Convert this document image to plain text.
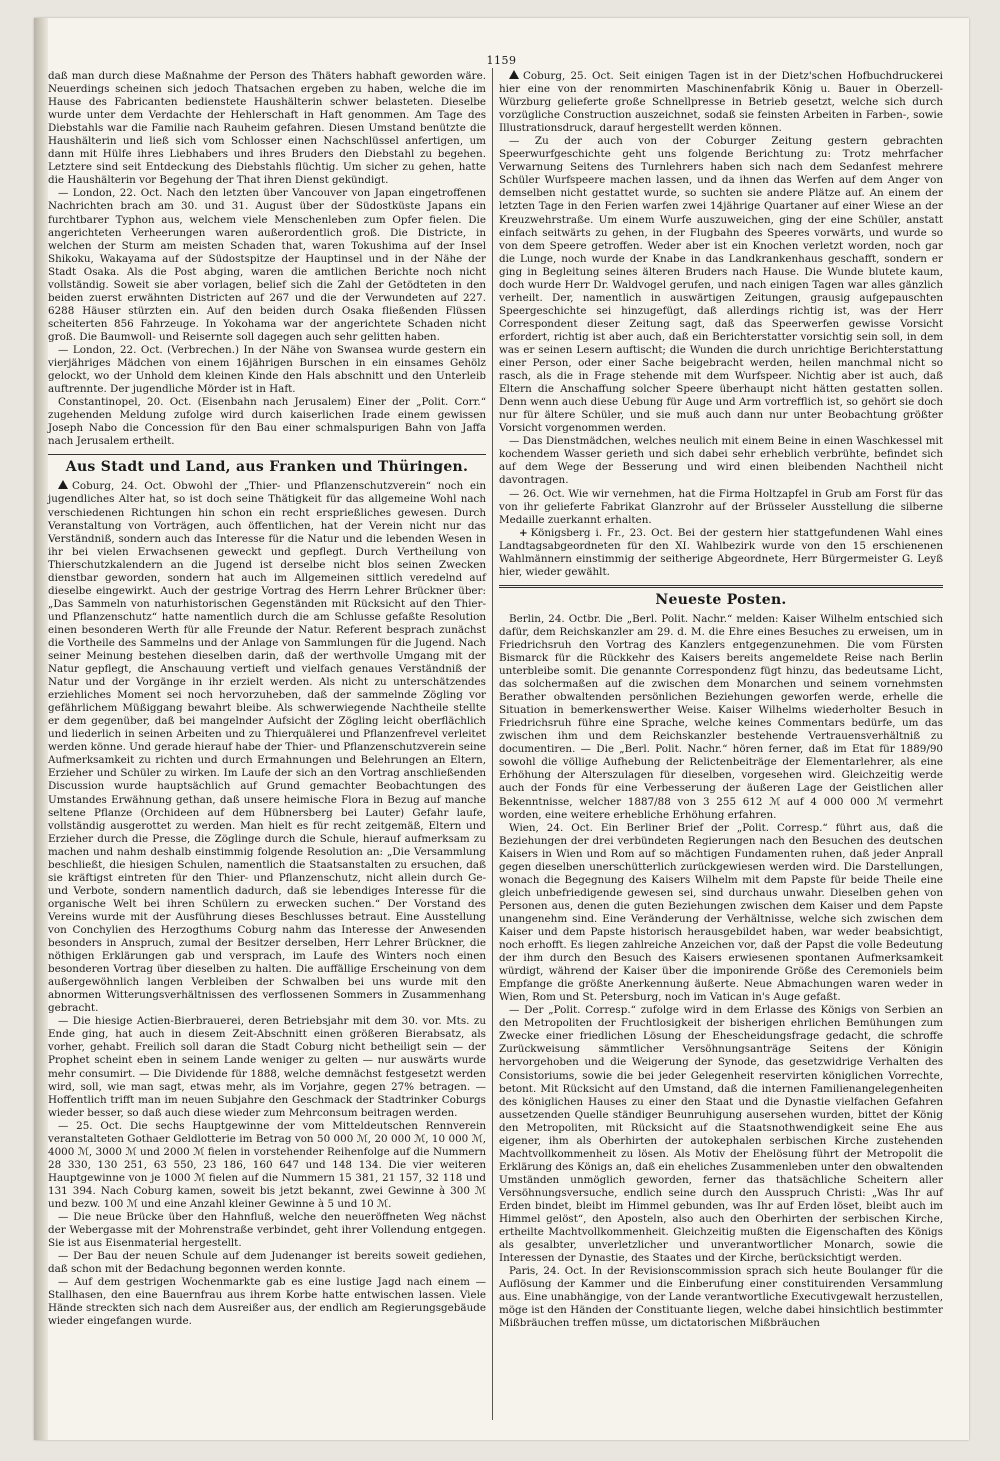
1159

daß man durch diese Maßnahme der Person des Thäters habhaft geworden wäre. Neuerdings scheinen sich jedoch Thatsachen ergeben zu haben, welche die im Hause des Fabricanten bedienstete Haushälterin schwer belasteten. Dieselbe wurde unter dem Verdachte der Hehlerschaft in Haft genommen. Am Tage des Diebstahls war die Familie nach Rauheim gefahren. Diesen Umstand benützte die Haushälterin und ließ sich vom Schlosser einen Nachschlüssel anfertigen, um dann mit Hülfe ihres Liebhabers und ihres Bruders den Diebstahl zu begehen. Letztere sind seit Entdeckung des Diebstahls flüchtig. Um sicher zu gehen, hatte die Haushälterin vor Begehung der That ihren Dienst gekündigt.

— London, 22. Oct. Nach den letzten über Vancouver von Japan eingetroffenen Nachrichten brach am 30. und 31. August über der Südostküste Japans ein furchtbarer Typhon aus, welchem viele Menschenleben zum Opfer fielen. Die angerichteten Verheerungen waren außerordentlich groß. Die Districte, in welchen der Sturm am meisten Schaden that, waren Tokushima auf der Insel Shikoku, Wakayama auf der Südostspitze der Hauptinsel und in der Nähe der Stadt Osaka. Als die Post abging, waren die amtlichen Berichte noch nicht vollständig. Soweit sie aber vorlagen, belief sich die Zahl der Getödteten in den beiden zuerst erwähnten Districten auf 267 und die der Verwundeten auf 227. 6288 Häuser stürzten ein. Auf den beiden durch Osaka fließenden Flüssen scheiterten 856 Fahrzeuge. In Yokohama war der angerichtete Schaden nicht groß. Die Baumwoll- und Reisernte soll dagegen auch sehr gelitten haben.

— London, 22. Oct. (Verbrechen.) In der Nähe von Swansea wurde gestern ein vierjähriges Mädchen von einem 16jährigen Burschen in ein einsames Gehölz gelockt, wo der Unhold dem kleinen Kinde den Hals abschnitt und den Unterleib auftrennte. Der jugendliche Mörder ist in Haft.

Constantinopel, 20. Oct. (Eisenbahn nach Jerusalem) Einer der „Polit. Corr.“ zugehenden Meldung zufolge wird durch kaiserlichen Irade einem gewissen Joseph Nabo die Concession für den Bau einer schmalspurigen Bahn von Jaffa nach Jerusalem ertheilt.

Aus Stadt und Land, aus Franken und Thüringen.

Coburg, 24. Oct. Obwohl der „Thier- und Pflanzenschutzverein“ noch ein jugendliches Alter hat, so ist doch seine Thätigkeit für das allgemeine Wohl nach verschiedenen Richtungen hin schon ein recht ersprießliches gewesen. Durch Veranstaltung von Vorträgen, auch öffentlichen, hat der Verein nicht nur das Verständniß, sondern auch das Interesse für die Natur und die lebenden Wesen in ihr bei vielen Erwachsenen geweckt und gepflegt. Durch Vertheilung von Thierschutzkalendern an die Jugend ist derselbe nicht blos seinen Zwecken dienstbar geworden, sondern hat auch im Allgemeinen sittlich veredelnd auf dieselbe eingewirkt. Auch der gestrige Vortrag des Herrn Lehrer Brückner über: „Das Sammeln von naturhistorischen Gegenständen mit Rücksicht auf den Thier- und Pflanzenschutz“ hatte namentlich durch die am Schlusse gefaßte Resolution einen besonderen Werth für alle Freunde der Natur. Referent besprach zunächst die Vortheile des Sammelns und der Anlage von Sammlungen für die Jugend. Nach seiner Meinung bestehen dieselben darin, daß der werthvolle Umgang mit der Natur gepflegt, die Anschauung vertieft und vielfach genaues Verständniß der Natur und der Vorgänge in ihr erzielt werden. Als nicht zu unterschätzendes erziehliches Moment sei noch hervorzuheben, daß der sammelnde Zögling vor gefährlichem Müßiggang bewahrt bleibe. Als schwerwiegende Nachtheile stellte er dem gegenüber, daß bei mangelnder Aufsicht der Zögling leicht oberflächlich und liederlich in seinen Arbeiten und zu Thierquälerei und Pflanzenfrevel verleitet werden könne. Und gerade hierauf habe der Thier- und Pflanzenschutzverein seine Aufmerksamkeit zu richten und durch Ermahnungen und Belehrungen an Eltern, Erzieher und Schüler zu wirken. Im Laufe der sich an den Vortrag anschließenden Discussion wurde hauptsächlich auf Grund gemachter Beobachtungen des Umstandes Erwähnung gethan, daß unsere heimische Flora in Bezug auf manche seltene Pflanze (Orchideen auf dem Hübnersberg bei Lauter) Gefahr laufe, vollständig ausgerottet zu werden. Man hielt es für recht zeitgemäß, Eltern und Erzieher durch die Presse, die Zöglinge durch die Schule, hierauf aufmerksam zu machen und nahm deshalb einstimmig folgende Resolution an: „Die Versammlung beschließt, die hiesigen Schulen, namentlich die Staatsanstalten zu ersuchen, daß sie kräftigst eintreten für den Thier- und Pflanzenschutz, nicht allein durch Ge- und Verbote, sondern namentlich dadurch, daß sie lebendiges Interesse für die organische Welt bei ihren Schülern zu erwecken suchen.“ Der Vorstand des Vereins wurde mit der Ausführung dieses Beschlusses betraut. Eine Ausstellung von Conchylien des Herzogthums Coburg nahm das Interesse der Anwesenden besonders in Anspruch, zumal der Besitzer derselben, Herr Lehrer Brückner, die nöthigen Erklärungen gab und versprach, im Laufe des Winters noch einen besonderen Vortrag über dieselben zu halten. Die auffällige Erscheinung von dem außergewöhnlich langen Verbleiben der Schwalben bei uns wurde mit den abnormen Witterungsverhältnissen des verflossenen Sommers in Zusammenhang gebracht.

— Die hiesige Actien-Bierbrauerei, deren Betriebsjahr mit dem 30. vor. Mts. zu Ende ging, hat auch in diesem Zeit-Abschnitt einen größeren Bierabsatz, als vorher, gehabt. Freilich soll daran die Stadt Coburg nicht betheiligt sein — der Prophet scheint eben in seinem Lande weniger zu gelten — nur auswärts wurde mehr consumirt. — Die Dividende für 1888, welche demnächst festgesetzt werden wird, soll, wie man sagt, etwas mehr, als im Vorjahre, gegen 27% betragen. — Hoffentlich trifft man im neuen Subjahre den Geschmack der Stadtrinker Coburgs wieder besser, so daß auch diese wieder zum Mehrconsum beitragen werden.

— 25. Oct. Die sechs Hauptgewinne der vom Mitteldeutschen Rennverein veranstalteten Gothaer Geldlotterie im Betrag von 50 000 ℳ, 20 000 ℳ, 10 000 ℳ, 4000 ℳ, 3000 ℳ und 2000 ℳ fielen in vorstehender Reihenfolge auf die Nummern 28 330, 130 251, 63 550, 23 186, 160 647 und 148 134. Die vier weiteren Hauptgewinne von je 1000 ℳ fielen auf die Nummern 15 381, 21 157, 32 118 und 131 394. Nach Coburg kamen, soweit bis jetzt bekannt, zwei Gewinne à 300 ℳ und bezw. 100 ℳ und eine Anzahl kleiner Gewinne à 5 und 10 ℳ.

— Die neue Brücke über den Hahnfluß, welche den neueröffneten Weg nächst der Webergasse mit der Mohrenstraße verbindet, geht ihrer Vollendung entgegen. Sie ist aus Eisenmaterial hergestellt.

— Der Bau der neuen Schule auf dem Judenanger ist bereits soweit gediehen, daß schon mit der Bedachung begonnen werden konnte.

— Auf dem gestrigen Wochenmarkte gab es eine lustige Jagd nach einem — Stallhasen, den eine Bauernfrau aus ihrem Korbe hatte entwischen lassen. Viele Hände streckten sich nach dem Ausreißer aus, der endlich am Regierungsgebäude wieder eingefangen wurde.

Coburg, 25. Oct. Seit einigen Tagen ist in der Dietz'schen Hofbuchdruckerei hier eine von der renommirten Maschinenfabrik König u. Bauer in Oberzell-Würzburg gelieferte große Schnellpresse in Betrieb gesetzt, welche sich durch vorzügliche Construction auszeichnet, sodaß sie feinsten Arbeiten in Farben-, sowie Illustrationsdruck, darauf hergestellt werden können.

— Zu der auch von der Coburger Zeitung gestern gebrachten Speerwurfgeschichte geht uns folgende Berichtung zu: Trotz mehrfacher Verwarnung Seitens des Turnlehrers haben sich nach dem Sedanfest mehrere Schüler Wurfspeere machen lassen, und da ihnen das Werfen auf dem Anger von demselben nicht gestattet wurde, so suchten sie andere Plätze auf. An einem der letzten Tage in den Ferien warfen zwei 14jährige Quartaner auf einer Wiese an der Kreuzwehrstraße. Um einem Wurfe auszuweichen, ging der eine Schüler, anstatt einfach seitwärts zu gehen, in der Flugbahn des Speeres vorwärts, und wurde so von dem Speere getroffen. Weder aber ist ein Knochen verletzt worden, noch gar die Lunge, noch wurde der Knabe in das Landkrankenhaus geschafft, sondern er ging in Begleitung seines älteren Bruders nach Hause. Die Wunde blutete kaum, doch wurde Herr Dr. Waldvogel gerufen, und nach einigen Tagen war alles gänzlich verheilt. Der, namentlich in auswärtigen Zeitungen, grausig aufgepauschten Speergeschichte sei hinzugefügt, daß allerdings richtig ist, was der Herr Correspondent dieser Zeitung sagt, daß das Speerwerfen gewisse Vorsicht erfordert, richtig ist aber auch, daß ein Berichterstatter vorsichtig sein soll, in dem was er seinen Lesern auftischt; die Wunden die durch unrichtige Berichterstattung einer Person, oder einer Sache beigebracht werden, heilen manchmal nicht so rasch, als die in Frage stehende mit dem Wurfspeer. Nichtig aber ist auch, daß Eltern die Anschaffung solcher Speere überhaupt nicht hätten gestatten sollen. Denn wenn auch diese Uebung für Auge und Arm vortrefflich ist, so gehört sie doch nur für ältere Schüler, und sie muß auch dann nur unter Beobachtung größter Vorsicht vorgenommen werden.

— Das Dienstmädchen, welches neulich mit einem Beine in einen Waschkessel mit kochendem Wasser gerieth und sich dabei sehr erheblich verbrühte, befindet sich auf dem Wege der Besserung und wird einen bleibenden Nachtheil nicht davontragen.

— 26. Oct. Wie wir vernehmen, hat die Firma Holtzapfel in Grub am Forst für das von ihr gelieferte Fabrikat Glanzrohr auf der Brüsseler Ausstellung die silberne Medaille zuerkannt erhalten.

+ Königsberg i. Fr., 23. Oct. Bei der gestern hier stattgefundenen Wahl eines Landtagsabgeordneten für den XI. Wahlbezirk wurde von den 15 erschienenen Wahlmännern einstimmig der seitherige Abgeordnete, Herr Bürgermeister G. Leyß hier, wieder gewählt.

Neueste Posten.

Berlin, 24. Octbr. Die „Berl. Polit. Nachr.“ melden: Kaiser Wilhelm entschied sich dafür, dem Reichskanzler am 29. d. M. die Ehre eines Besuches zu erweisen, um in Friedrichsruh den Vortrag des Kanzlers entgegenzunehmen. Die vom Fürsten Bismarck für die Rückkehr des Kaisers bereits angemeldete Reise nach Berlin unterbleibe somit. Die genannte Correspondenz fügt hinzu, das bedeutsame Licht, das solchermaßen auf die zwischen dem Monarchen und seinem vornehmsten Berather obwaltenden persönlichen Beziehungen geworfen werde, erhelle die Situation in bemerkenswerther Weise. Kaiser Wilhelms wiederholter Besuch in Friedrichsruh führe eine Sprache, welche keines Commentars bedürfe, um das zwischen ihm und dem Reichskanzler bestehende Vertrauensverhältniß zu documentiren. — Die „Berl. Polit. Nachr.“ hören ferner, daß im Etat für 1889/90 sowohl die völlige Aufhebung der Relictenbeiträge der Elementarlehrer, als eine Erhöhung der Alterszulagen für dieselben, vorgesehen wird. Gleichzeitig werde auch der Fonds für eine Verbesserung der äußeren Lage der Geistlichen aller Bekenntnisse, welcher 1887/88 von 3 255 612 ℳ auf 4 000 000 ℳ vermehrt worden, eine weitere erhebliche Erhöhung erfahren.

Wien, 24. Oct. Ein Berliner Brief der „Polit. Corresp.“ führt aus, daß die Beziehungen der drei verbündeten Regierungen nach den Besuchen des deutschen Kaisers in Wien und Rom auf so mächtigen Fundamenten ruhen, daß jeder Anprall gegen dieselben unerschütterlich zurückgewiesen werden wird. Die Darstellungen, wonach die Begegnung des Kaisers Wilhelm mit dem Papste für beide Theile eine gleich unbefriedigende gewesen sei, sind durchaus unwahr. Dieselben gehen von Personen aus, denen die guten Beziehungen zwischen dem Kaiser und dem Papste unangenehm sind. Eine Veränderung der Verhältnisse, welche sich zwischen dem Kaiser und dem Papste historisch herausgebildet haben, war weder beabsichtigt, noch erhofft. Es liegen zahlreiche Anzeichen vor, daß der Papst die volle Bedeutung der ihm durch den Besuch des Kaisers erwiesenen spontanen Aufmerksamkeit würdigt, während der Kaiser über die imponirende Größe des Ceremoniels beim Empfange die größte Anerkennung äußerte. Neue Abmachungen waren weder in Wien, Rom und St. Petersburg, noch im Vatican in's Auge gefaßt.

— Der „Polit. Corresp.“ zufolge wird in dem Erlasse des Königs von Serbien an den Metropoliten der Fruchtlosigkeit der bisherigen ehrlichen Bemühungen zum Zwecke einer friedlichen Lösung der Ehescheidungsfrage gedacht, die schroffe Zurückweisung sämmtlicher Versöhnungsanträge Seitens der Königin hervorgehoben und die Weigerung der Synode, das gesetzwidrige Verhalten des Consistoriums, sowie die bei jeder Gelegenheit reservirten königlichen Vorrechte, betont. Mit Rücksicht auf den Umstand, daß die internen Familienangelegenheiten des königlichen Hauses zu einer den Staat und die Dynastie vielfachen Gefahren aussetzenden Quelle ständiger Beunruhigung ausersehen wurden, bittet der König den Metropoliten, mit Rücksicht auf die Staatsnothwendigkeit seine Ehe aus eigener, ihm als Oberhirten der autokephalen serbischen Kirche zustehenden Machtvollkommenheit zu lösen. Als Motiv der Ehelösung führt der Metropolit die Erklärung des Königs an, daß ein eheliches Zusammenleben unter den obwaltenden Umständen unmöglich geworden, ferner das thatsächliche Scheitern aller Versöhnungsversuche, endlich seine durch den Ausspruch Christi: „Was Ihr auf Erden bindet, bleibt im Himmel gebunden, was Ihr auf Erden löset, bleibt auch im Himmel gelöst“, den Aposteln, also auch den Oberhirten der serbischen Kirche, ertheilte Machtvollkommenheit. Gleichzeitig mußten die Eigenschaften des Königs als gesalbter, unverletzlicher und unverantwortlicher Monarch, sowie die Interessen der Dynastie, des Staates und der Kirche, berücksichtigt werden.

Paris, 24. Oct. In der Revisionscommission sprach sich heute Boulanger für die Auflösung der Kammer und die Einberufung einer constituirenden Versammlung aus. Eine unabhängige, von der Lande verantwortliche Executivgewalt herzustellen, möge ist den Händen der Constituante liegen, welche dabei hinsichtlich bestimmter Mißbräuchen treffen müsse, um dictatorischen Mißbräuchen
